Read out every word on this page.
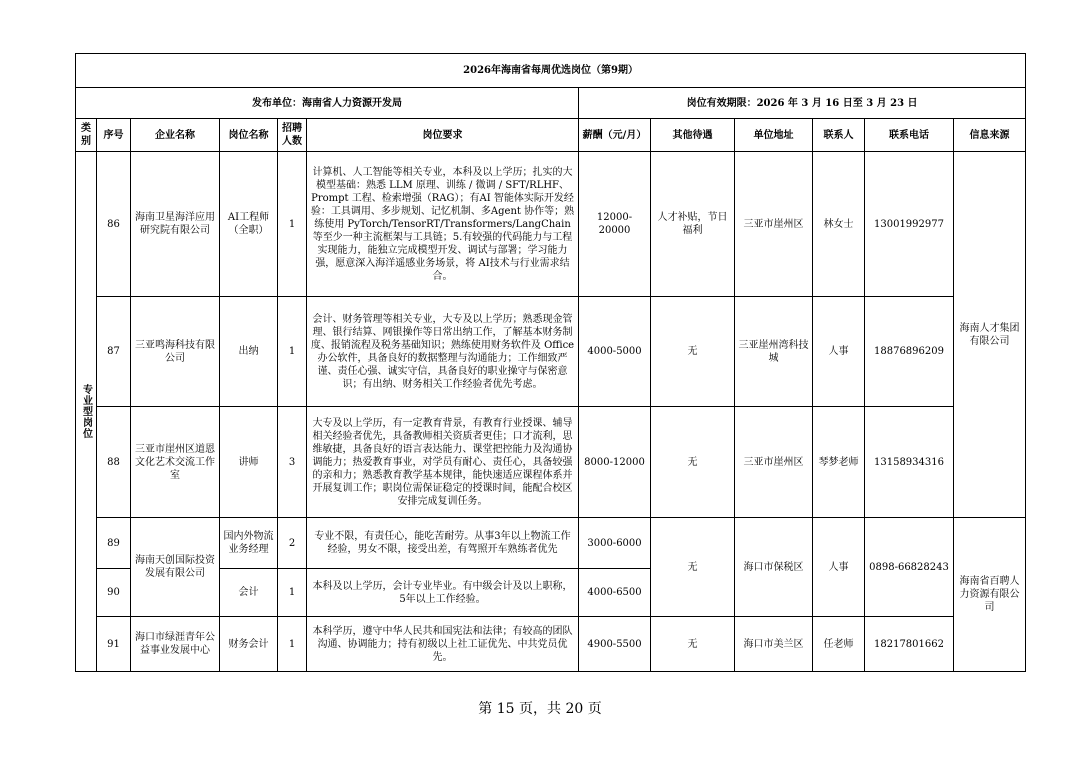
2026年海南省每周优选岗位（第9期）											
发布单位：海南省人力资源开发局						岗位有效期限：2026 年 3 月 16 日至 3 月 23 日					
类别	序号	企业名称	岗位名称	招聘人数	岗位要求	薪酬（元/月）	其他待遇	单位地址	联系人	联系电话	信息来源

专业型岗位	86	海南卫星海洋应用研究院有限公司	AI工程师（全职）	1	计算机、人工智能等相关专业，本科及以上学历；扎实的大模型基础：熟悉 LLM 原理、训练 / 微调 / SFT/RLHF、Prompt 工程、检索增强（RAG）；有AI 智能体实际开发经验：工具调用、多步规划、记忆机制、多Agent 协作等；熟练使用 PyTorch/TensorRT/Transformers/LangChain 等至少一种主流框架与工具链；5.有较强的代码能力与工程实现能力，能独立完成模型开发、调试与部署；学习能力强，愿意深入海洋遥感业务场景，将 AI技术与行业需求结合。	12000-20000	人才补贴，节日福利	三亚市崖州区	林女士	13001992977	海南人才集团有限公司
	87	三亚鸣海科技有限公司	出纳	1	会计、财务管理等相关专业，大专及以上学历；熟悉现金管理、银行结算、网银操作等日常出纳工作，了解基本财务制度、报销流程及税务基础知识；熟练使用财务软件及 Office 办公软件，具备良好的数据整理与沟通能力；工作细致严谨、责任心强、诚实守信，具备良好的职业操守与保密意识；有出纳、财务相关工作经验者优先考虑。	4000-5000	无	三亚崖州湾科技城	人事	18876896209	
	88	三亚市崖州区道恩文化艺术交流工作室	讲师	3	大专及以上学历，有一定教育背景，有教育行业授课、辅导相关经验者优先，具备教师相关资质者更佳；口才流利，思维敏捷，具备良好的语言表达能力、课堂把控能力及沟通协调能力；热爱教育事业，对学员有耐心、责任心，具备较强的亲和力；熟悉教育教学基本规律，能快速适应课程体系并开展复训工作；职岗位需保证稳定的授课时间，能配合校区安排完成复训任务。	8000-12000	无	三亚市崖州区	琴梦老师	13158934316	
	89	海南天创国际投资发展有限公司	国内外物流业务经理	2	专业不限，有责任心，能吃苦耐劳。从事3年以上物流工作经验，男女不限，接受出差，有驾照开车熟练者优先	3000-6000	无	海口市保税区	人事	0898-66828243	海南省百聘人力资源有限公司
	90		会计	1	本科及以上学历，会计专业毕业。有中级会计及以上职称，5年以上工作经验。	4000-6500					
	91	海口市绿涯青年公益事业发展中心	财务会计	1	本科学历，遵守中华人民共和国宪法和法律；有较高的团队沟通、协调能力；持有初级以上社工证优先、中共党员优先。	4900-5500	无	海口市美兰区	任老师	18217801662	
第 15 页，共 20 页
